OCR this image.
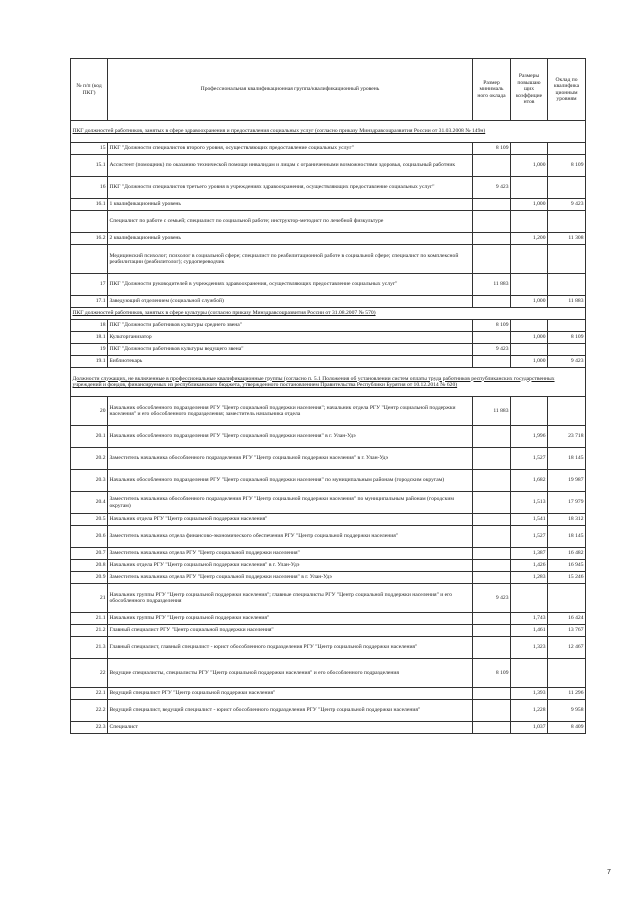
№ п/п (код ПКГ)	Профессиональная квалификационная группа/квалификационный уровень	Размер минималь ного оклада	Размеры повышаю щих коэффицие нтов	Оклад по квалифика ционным уровням
ПКГ должностей работников, занятых в сфере здравоохранения и предоставления социальных услуг (согласно приказу Минздравсоцразвития России от 31.03.2008 № 149н)				
15	ПКГ "Должности специалистов второго уровня, осуществляющих предоставление социальных услуг"	8 109		
15.1	Ассистент (помощник) по оказанию технической помощи инвалидам и лицам с ограниченными возможностями здоровья, социальный работник		1,000	8 109
16	ПКГ "Должности специалистов третьего уровня в учреждениях здравоохранения, осуществляющих предоставление социальных услуг"	9 423		
16.1	1 квалификационный уровень		1,000	9 423
	Специалист по работе с семьей; специалист по социальной работе; инструктор-методист по лечебной физкультуре			
16.2	2 квалификационный уровень		1,200	11 308
	Медицинский психолог; психолог в социальной сфере; специалист по реабилитационной работе в социальной сфере; специалист по комплексной реабилитации (реабилитолог); сурдопереводчик			
17	ПКГ "Должности руководителей в учреждениях здравоохранения, осуществляющих предоставление социальных услуг"	11 883		
17.1	Заведующий отделением (социальной службой)		1,000	11 883
ПКГ должностей работников, занятых в сфере культуры (согласно приказу Минздравсоцразвития России от 31.08.2007 № 570)				
18	ПКГ "Должности работников культуры среднего звена"	8 109		
18.1	Культорганизатор		1,000	8 109
19	ПКГ "Должности работников культуры ведущего звена"	9 423		
19.1	Библиотекарь		1,000	9 423
Должности служащих, не включенные в профессиональные квалификационные группы (согласно п. 5.1 Положения об установлении систем оплаты труда работников республиканских государственных учреждений и фондов, финансируемых из республиканского бюджета, утвержденного постановлением Правительства Республики Бурятия от 10.12.2014 № 620)				
20	Начальник обособленного подразделения РГУ "Центр социальной поддержки населения"; начальник отдела РГУ "Центр социальной поддержки населения" и его обособленного подразделения; заместитель начальника отдела	11 883		
20.1	Начальник обособленного подразделения РГУ "Центр социальной поддержки населения" в г. Улан-Удэ		1,996	23 718
20.2	Заместитель начальника обособленного подразделения РГУ "Центр социальной поддержки населения" в г. Улан-Удэ		1,527	18 145
20.3	Начальник обособленного подразделения РГУ "Центр социальной поддержки населения" по муниципальным районам (городским округам)		1,682	19 987
20.4	Заместитель начальника обособленного подразделения РГУ "Центр социальной поддержки населения" по муниципальным районам (городским округам)		1,513	17 979
20.5	Начальник отдела РГУ "Центр социальной поддержки населения"		1,541	18 312
20.6	Заместитель начальника отдела финансово-экономического обеспечения РГУ "Центр социальной поддержки населения"		1,527	18 145
20.7	Заместитель начальника отдела РГУ "Центр социальной поддержки населения"		1,387	16 482
20.8	Начальник отдела РГУ "Центр социальной поддержки населения" в г. Улан-Удэ		1,426	16 945
20.9	Заместитель начальника отдела РГУ "Центр социальной поддержки населения" в г. Улан-Удэ		1,283	15 246
21	Начальник группы РГУ "Центр социальной поддержки населения"; главные специалисты РГУ "Центр социальной поддержки населения" и его обособленного подразделения	9 423		
21.1	Начальник группы РГУ "Центр социальной поддержки населения"		1,743	16 424
21.2	Главный специалист РГУ "Центр социальной поддержки населения"		1,461	13 767
21.3	Главный специалист, главный специалист - юрист обособленного подразделения РГУ "Центр социальной поддержки населения"		1,323	12 467
22	Ведущие специалисты, специалисты РГУ "Центр социальной поддержки населения" и его обособленного подразделения	8 109		
22.1	Ведущий специалист РГУ "Центр социальной поддержки населения"		1,393	11 296
22.2	Ведущий специалист, ведущий специалист - юрист обособленного подразделения РГУ "Центр социальной поддержки населения"		1,228	9 958
22.3	Специалист		1,037	8 409
7
